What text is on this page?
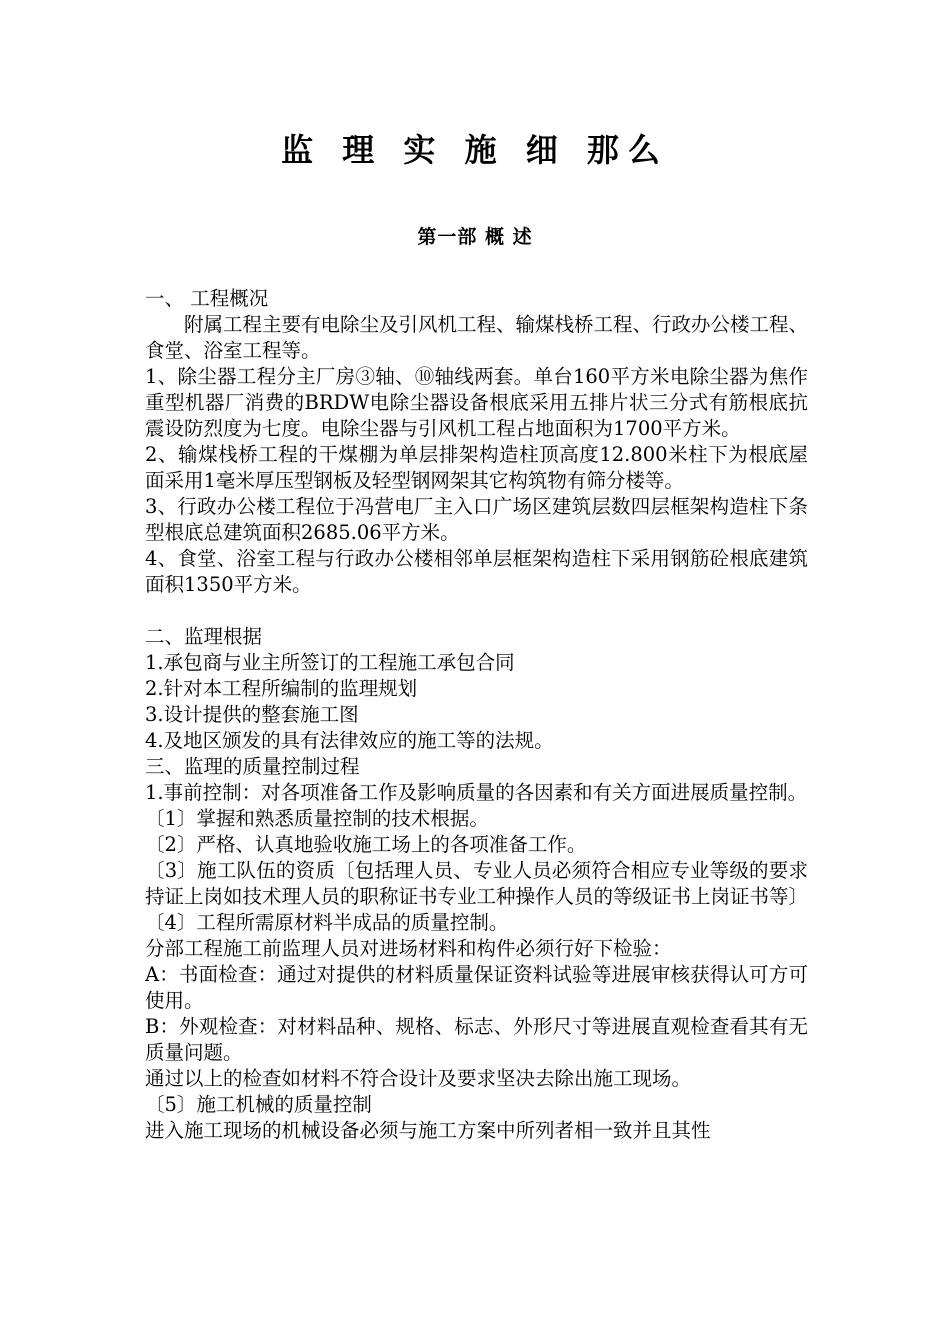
监 理 实 施 细 那么
第一部 概 述

一、 工程概况

附属工程主要有电除尘及引风机工程、输煤栈桥工程、行政办公楼工程、食堂、浴室工程等。

1、除尘器工程分主厂房③轴、⑩轴线两套。单台160平方米电除尘器为焦作重型机器厂消费的BRDW电除尘器设备根底采用五排片状三分式有筋根底抗震设防烈度为七度。电除尘器与引风机工程占地面积为1700平方米。

2、输煤栈桥工程的干煤棚为单层排架构造柱顶高度12.800米柱下为根底屋面采用1毫米厚压型钢板及轻型钢网架其它构筑物有筛分楼等。

3、行政办公楼工程位于冯营电厂主入口广场区建筑层数四层框架构造柱下条型根底总建筑面积2685.06平方米。

4、食堂、浴室工程与行政办公楼相邻单层框架构造柱下采用钢筋砼根底建筑面积1350平方米。

二、监理根据

1.承包商与业主所签订的工程施工承包合同

2.针对本工程所编制的监理规划

3.设计提供的整套施工图

4.及地区颁发的具有法律效应的施工等的法规。

三、监理的质量控制过程

1.事前控制：对各项准备工作及影响质量的各因素和有关方面进展质量控制。

〔1〕掌握和熟悉质量控制的技术根据。

〔2〕严格、认真地验收施工场上的各项准备工作。

〔3〕施工队伍的资质〔包括理人员、专业人员必须符合相应专业等级的要求持证上岗如技术理人员的职称证书专业工种操作人员的等级证书上岗证书等〕

〔4〕工程所需原材料半成品的质量控制。

分部工程施工前监理人员对进场材料和构件必须行好下检验：

A：书面检查：通过对提供的材料质量保证资料试验等进展审核获得认可方可使用。

B：外观检查：对材料品种、规格、标志、外形尺寸等进展直观检查看其有无质量问题。

通过以上的检查如材料不符合设计及要求坚决去除出施工现场。

〔5〕施工机械的质量控制

进入施工现场的机械设备必须与施工方案中所列者相一致并且其性
